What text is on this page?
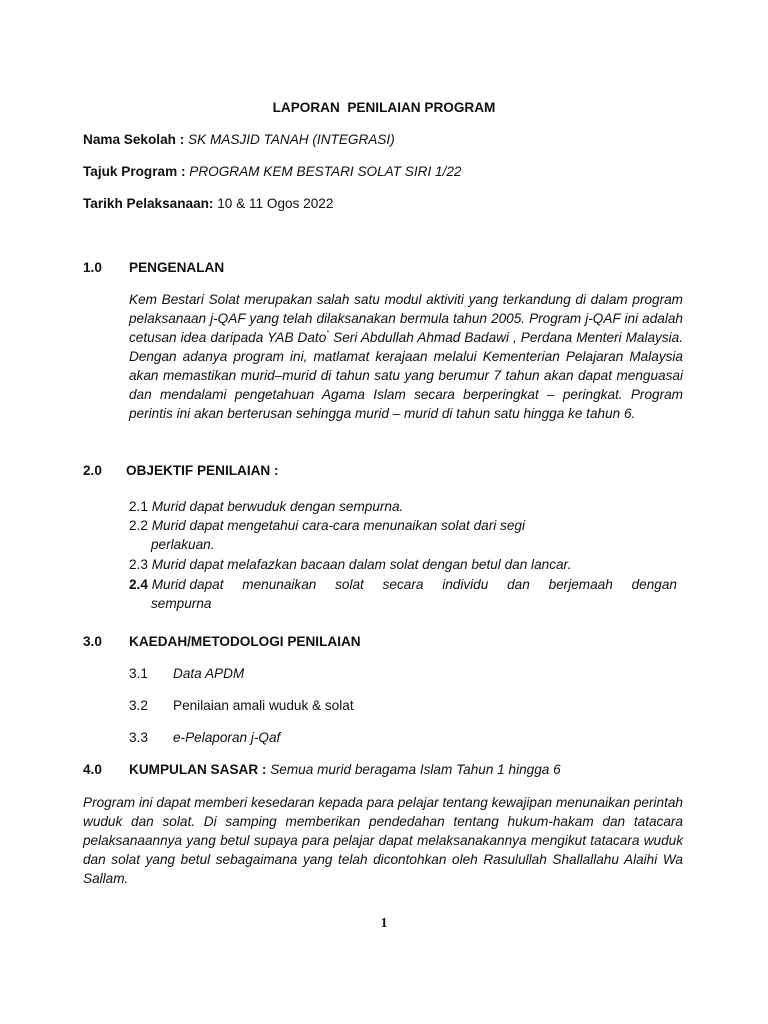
LAPORAN  PENILAIAN PROGRAM
Nama Sekolah : SK MASJID TANAH (INTEGRASI)
Tajuk Program : PROGRAM KEM BESTARI SOLAT SIRI 1/22
Tarikh Pelaksanaan: 10 & 11 Ogos 2022
1.0 PENGENALAN
Kem Bestari Solat merupakan salah satu modul aktiviti yang terkandung di dalam program pelaksanaan j-QAF yang telah dilaksanakan bermula tahun 2005. Program j-QAF ini adalah cetusan idea daripada YAB Dato" Seri Abdullah Ahmad Badawi , Perdana Menteri Malaysia. Dengan adanya program ini, matlamat kerajaan melalui Kementerian Pelajaran Malaysia akan memastikan murid–murid di tahun satu yang berumur 7 tahun akan dapat menguasai dan mendalami pengetahuan Agama Islam secara berperingkat – peringkat. Program perintis ini akan berterusan sehingga murid – murid di tahun satu hingga ke tahun 6.
2.0 OBJEKTIF PENILAIAN :
2.1 Murid dapat berwuduk dengan sempurna.
2.2 Murid dapat mengetahui cara-cara menunaikan solat dari segi
perlakuan.
2.3 Murid dapat melafazkan bacaan dalam solat dengan betul dan lancar.
2.4 Murid dapat menunaikan solat secara individu dan berjemaah dengan
sempurna
3.0 KAEDAH/METODOLOGI PENILAIAN
3.1 Data APDM
3.2 Penilaian amali wuduk & solat
3.3 e-Pelaporan j-Qaf
4.0 KUMPULAN SASAR : Semua murid beragama Islam Tahun 1 hingga 6
Program ini dapat memberi kesedaran kepada para pelajar tentang kewajipan menunaikan perintah wuduk dan solat. Di samping memberikan pendedahan tentang hukum-hakam dan tatacara pelaksanaannya yang betul supaya para pelajar dapat melaksanakannya mengikut tatacara wuduk dan solat yang betul sebagaimana yang telah dicontohkan oleh Rasulullah Shallallahu Alaihi Wa Sallam.
1
